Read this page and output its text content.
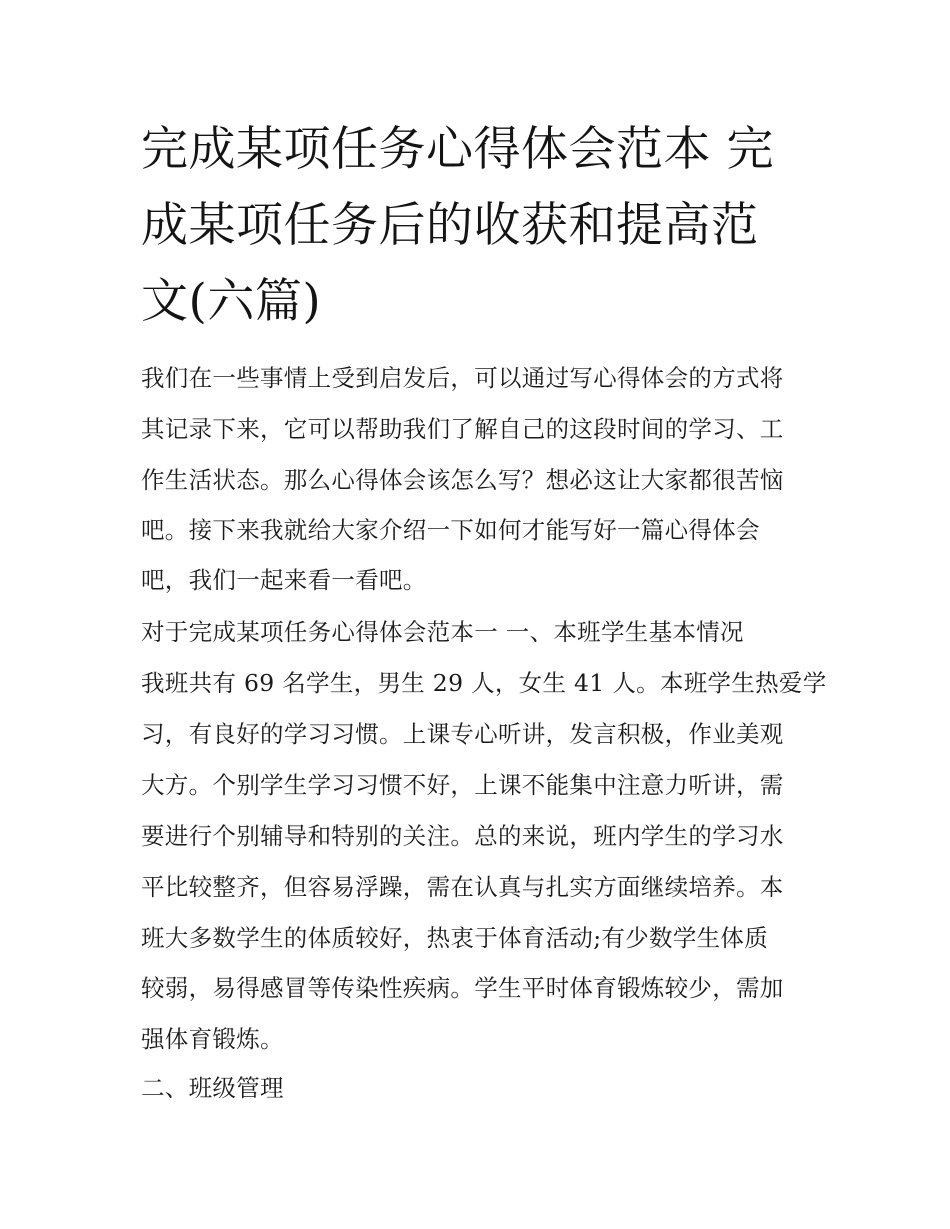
完成某项任务心得体会范本 完
成某项任务后的收获和提高范
文(六篇)
我们在一些事情上受到启发后，可以通过写心得体会的方式将
其记录下来，它可以帮助我们了解自己的这段时间的学习、工
作生活状态。那么心得体会该怎么写？想必这让大家都很苦恼
吧。接下来我就给大家介绍一下如何才能写好一篇心得体会
吧，我们一起来看一看吧。
对于完成某项任务心得体会范本一 一、本班学生基本情况
我班共有 69 名学生，男生 29 人，女生 41 人。本班学生热爱学
习，有良好的学习习惯。上课专心听讲，发言积极，作业美观
大方。个别学生学习习惯不好，上课不能集中注意力听讲，需
要进行个别辅导和特别的关注。总的来说，班内学生的学习水
平比较整齐，但容易浮躁，需在认真与扎实方面继续培养。本
班大多数学生的体质较好，热衷于体育活动;有少数学生体质
较弱，易得感冒等传染性疾病。学生平时体育锻炼较少，需加
强体育锻炼。
二、班级管理
